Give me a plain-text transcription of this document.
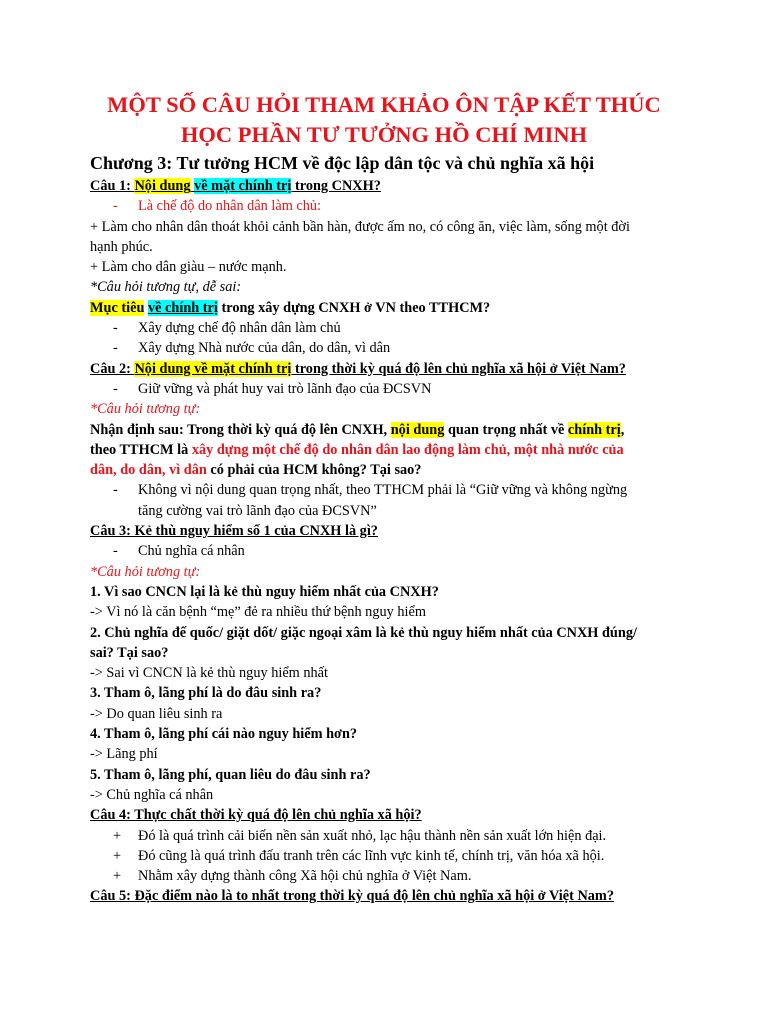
MỘT SỐ CÂU HỎI THAM KHẢO ÔN TẬP KẾT THÚC
HỌC PHẦN TƯ TƯỞNG HỒ CHÍ MINH

Chương 3: Tư tưởng HCM về độc lập dân tộc và chủ nghĩa xã hội

Câu 1: Nội dung về mặt chính trị trong CNXH?

- Là chế độ do nhân dân làm chủ:

+ Làm cho nhân dân thoát khỏi cảnh bần hàn, được ấm no, có công ăn, việc làm, sống một đời

hạnh phúc.

+ Làm cho dân giàu – nước mạnh.

*Câu hỏi tương tự, dễ sai:

Mục tiêu về chính trị trong xây dựng CNXH ở VN theo TTHCM?

- Xây dựng chế độ nhân dân làm chủ

- Xây dựng Nhà nước của dân, do dân, vì dân

Câu 2: Nội dung về mặt chính trị trong thời kỳ quá độ lên chủ nghĩa xã hội ở Việt Nam?

- Giữ vững và phát huy vai trò lãnh đạo của ĐCSVN

*Câu hỏi tương tự:

Nhận định sau: Trong thời kỳ quá độ lên CNXH, nội dung quan trọng nhất về chính trị,

theo TTHCM là xây dựng một chế độ do nhân dân lao động làm chủ, một nhà nước của

dân, do dân, vì dân có phải của HCM không? Tại sao?

- Không vì nội dung quan trọng nhất, theo TTHCM phải là “Giữ vững và không ngừng

tăng cường vai trò lãnh đạo của ĐCSVN”

Câu 3: Kẻ thù nguy hiểm số 1 của CNXH là gì?

- Chủ nghĩa cá nhân

*Câu hỏi tương tự:

1. Vì sao CNCN lại là kẻ thù nguy hiểm nhất của CNXH?

-> Vì nó là căn bệnh “mẹ” đẻ ra nhiều thứ bệnh nguy hiểm

2. Chủ nghĩa đế quốc/ giặt dốt/ giặc ngoại xâm là kẻ thù nguy hiểm nhất của CNXH đúng/

sai? Tại sao?

-> Sai vì CNCN là kẻ thù nguy hiểm nhất

3. Tham ô, lãng phí là do đâu sinh ra?

-> Do quan liêu sinh ra

4. Tham ô, lãng phí cái nào nguy hiểm hơn?

-> Lãng phí

5. Tham ô, lãng phí, quan liêu do đâu sinh ra?

-> Chủ nghĩa cá nhân

Câu 4: Thực chất thời kỳ quá độ lên chủ nghĩa xã hội?

+ Đó là quá trình cải biến nền sản xuất nhỏ, lạc hậu thành nền sản xuất lớn hiện đại.

+ Đó cũng là quá trình đấu tranh trên các lĩnh vực kinh tế, chính trị, văn hóa xã hội.

+ Nhằm xây dựng thành công Xã hội chủ nghĩa ở Việt Nam.

Câu 5: Đặc điểm nào là to nhất trong thời kỳ quá độ lên chủ nghĩa xã hội ở Việt Nam?
